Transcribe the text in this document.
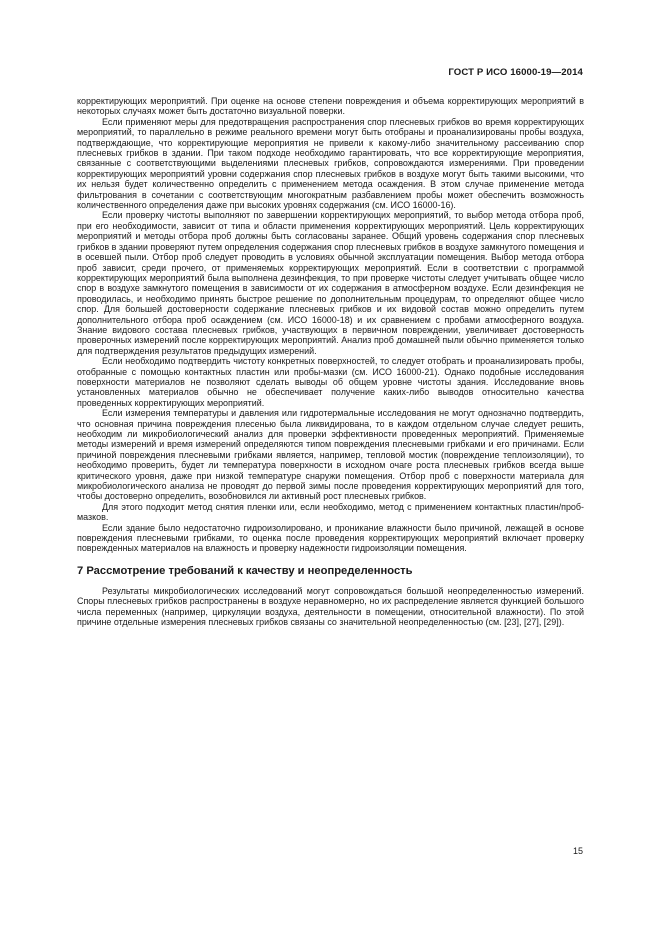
ГОСТ Р ИСО 16000-19—2014

корректирующих мероприятий. При оценке на основе степени повреждения и объема корректирующих мероприятий в некоторых случаях может быть достаточно визуальной поверки.

Если применяют меры для предотвращения распространения спор плесневых грибков во время корректирующих мероприятий, то параллельно в режиме реального времени могут быть отобраны и проанализированы пробы воздуха, подтверждающие, что корректирующие мероприятия не привели к какому-либо значительному рассеиванию спор плесневых грибков в здании. При таком подходе необходимо гарантировать, что все корректирующие мероприятия, связанные с соответствующими выделениями плесневых грибков, сопровождаются измерениями. При проведении корректирующих мероприятий уровни содержания спор плесневых грибков в воздухе могут быть такими высокими, что их нельзя будет количественно определить с применением метода осаждения. В этом случае применение метода фильтрования в сочетании с соответствующим многократным разбавлением пробы может обеспечить возможность количественного определения даже при высоких уровнях содержания (см. ИСО 16000-16).

Если проверку чистоты выполняют по завершении корректирующих мероприятий, то выбор метода отбора проб, при его необходимости, зависит от типа и области применения корректирующих мероприятий. Цель корректирующих мероприятий и методы отбора проб должны быть согласованы заранее. Общий уровень содержания спор плесневых грибков в здании проверяют путем определения содержания спор плесневых грибков в воздухе замкнутого помещения и в осевшей пыли. Отбор проб следует проводить в условиях обычной эксплуатации помещения. Выбор метода отбора проб зависит, среди прочего, от применяемых корректирующих мероприятий. Если в соответствии с программой корректирующих мероприятий была выполнена дезинфекция, то при проверке чистоты следует учитывать общее число спор в воздухе замкнутого помещения в зависимости от их содержания в атмосферном воздухе. Если дезинфекция не проводилась, и необходимо принять быстрое решение по дополнительным процедурам, то определяют общее число спор. Для большей достоверности содержание плесневых грибков и их видовой состав можно определить путем дополнительного отбора проб осаждением (см. ИСО 16000-18) и их сравнением с пробами атмосферного воздуха. Знание видового состава плесневых грибков, участвующих в первичном повреждении, увеличивает достоверность проверочных измерений после корректирующих мероприятий. Анализ проб домашней пыли обычно применяется только для подтверждения результатов предыдущих измерений.

Если необходимо подтвердить чистоту конкретных поверхностей, то следует отобрать и проанализировать пробы, отобранные с помощью контактных пластин или пробы-мазки (см. ИСО 16000-21). Однако подобные исследования поверхности материалов не позволяют сделать выводы об общем уровне чистоты здания. Исследование вновь установленных материалов обычно не обеспечивает получение каких-либо выводов относительно качества проведенных корректирующих мероприятий.

Если измерения температуры и давления или гидротермальные исследования не могут однозначно подтвердить, что основная причина повреждения плесенью была ликвидирована, то в каждом отдельном случае следует решить, необходим ли микробиологический анализ для проверки эффективности проведенных мероприятий. Применяемые методы измерений и время измерений определяются типом повреждения плесневыми грибками и его причинами. Если причиной повреждения плесневыми грибками является, например, тепловой мостик (повреждение теплоизоляции), то необходимо проверить, будет ли температура поверхности в исходном очаге роста плесневых грибков всегда выше критического уровня, даже при низкой температуре снаружи помещения. Отбор проб с поверхности материала для микробиологического анализа не проводят до первой зимы после проведения корректирующих мероприятий для того, чтобы достоверно определить, возобновился ли активный рост плесневых грибков.

Для этого подходит метод снятия пленки или, если необходимо, метод с применением контактных пластин/проб-мазков.

Если здание было недостаточно гидроизолировано, и проникание влажности было причиной, лежащей в основе повреждения плесневыми грибками, то оценка после проведения корректирующих мероприятий включает проверку поврежденных материалов на влажность и проверку надежности гидроизоляции помещения.

7 Рассмотрение требований к качеству и неопределенность

Результаты микробиологических исследований могут сопровождаться большой неопределенностью измерений. Споры плесневых грибков распространены в воздухе неравномерно, но их распределение является функцией большого числа переменных (например, циркуляции воздуха, деятельности в помещении, относительной влажности). По этой причине отдельные измерения плесневых грибков связаны со значительной неопределенностью (см. [23], [27], [29]).

15
